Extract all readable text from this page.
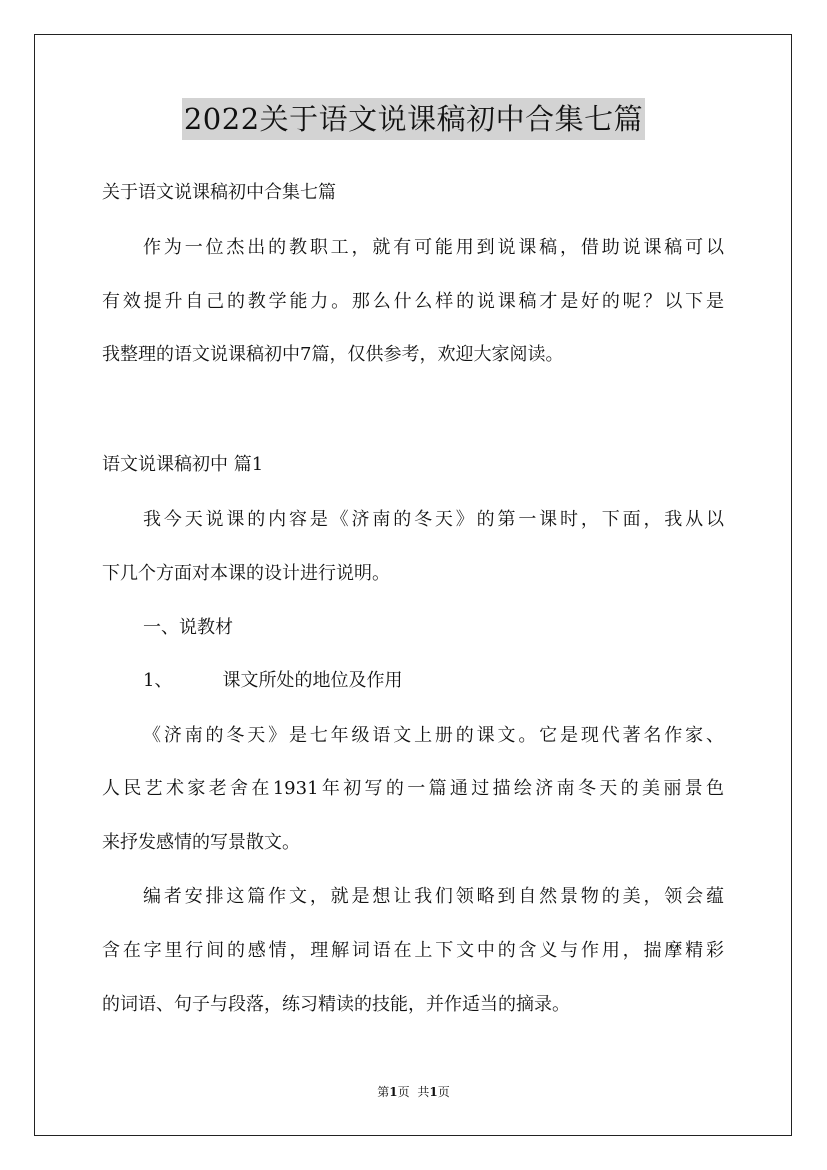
2022关于语文说课稿初中合集七篇
关于语文说课稿初中合集七篇
作为一位杰出的教职工，就有可能用到说课稿，借助说课稿可以
有效提升自己的教学能力。那么什么样的说课稿才是好的呢？以下是
我整理的语文说课稿初中7篇，仅供参考，欢迎大家阅读。
语文说课稿初中 篇1
我今天说课的内容是《济南的冬天》的第一课时，下面，我从以
下几个方面对本课的设计进行说明。
一、说教材
1、	课文所处的地位及作用
《济南的冬天》是七年级语文上册的课文。它是现代著名作家、
人民艺术家老舍在1931年初写的一篇通过描绘济南冬天的美丽景色
来抒发感情的写景散文。
编者安排这篇作文，就是想让我们领略到自然景物的美，领会蕴
含在字里行间的感情，理解词语在上下文中的含义与作用，揣摩精彩
的词语、句子与段落，练习精读的技能，并作适当的摘录。
第1页 共1页
